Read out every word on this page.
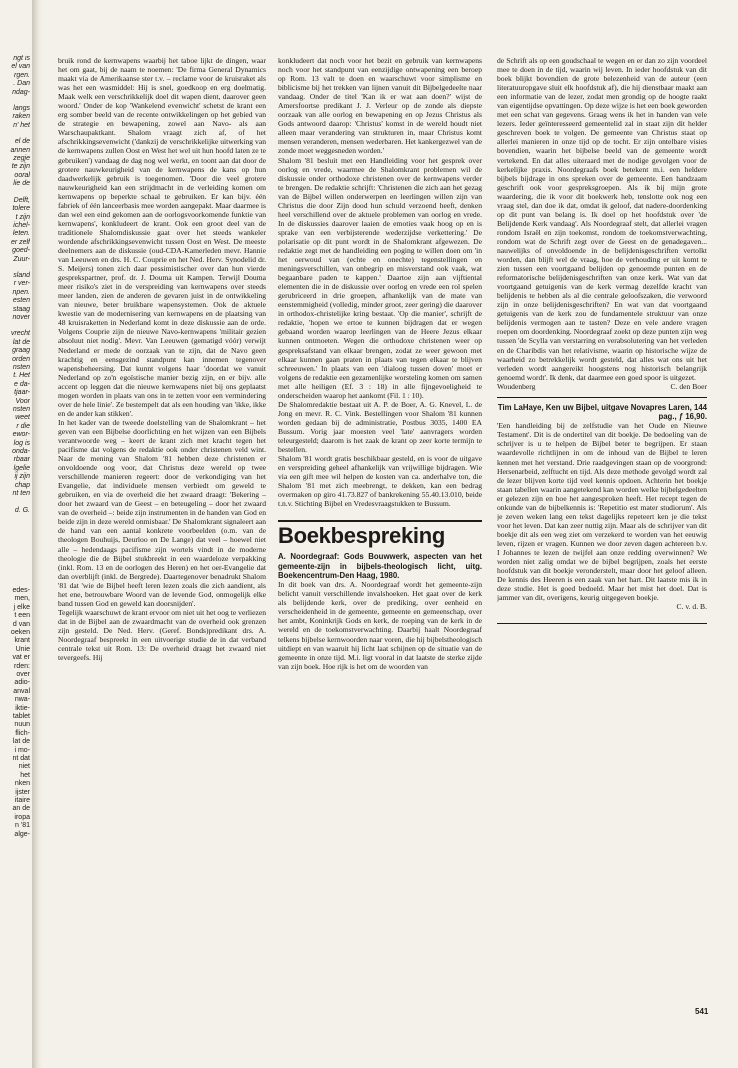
ngt is

el van

rgen.

. Dan

ndag-

langs

raken

n' het

el de

annen

zegje

te zijn

ooral

lie de

Delft,

tolere

t zijn

ichel-

leten.

er zelf

goed-

Zuur-

sland

r ver-

npen.

esten

staag

nover

vrecht

lat de

graag

orden

nsten

t. Het

e da-

tjaar-

Voor

nsten

weet

r die

ewor-

log is

onda-

rbaar

lgelie

ij zijn

chap

nt ten

d. G.

edes-

men,

j elke

t een

d van

oeken

krant

Unie

vat er

rden:

over

adio-

anval

nwa-

iktie-

tablet

nuun

flich-

lat de

i mo-

nt dat

niet

het

nken

ijster

itaire

an de

iropa

n '81

alge-

bruik rond de kernwapens waarbij het taboe lijkt de dingen, waar het om gaat, bij de naam te noemen: 'De firma General Dynamics maakt via de Amerikaanse ster t.v. – reclame voor de kruisraket als was het een wasmiddel: Hij is snel, goedkoop en erg doelmatig. Maak welk een verschrikkelijk doel dit wapen dient, daarover geen woord.' Onder de kop 'Wankelend evenwicht' schetst de krant een erg somber beeld van de recente ontwikkelingen op het gebied van de strategie en bewapening, zowel aan Navo- als aan Warschaupaktkant. Shalom vraagt zich af, of het afschrikkingsevenwicht ('dankzij de verschrikkelijke uitwerking van de kernwapens zullen Oost en West het wel uit hun hoofd laten ze te gebruiken') vandaag de dag nog wel werkt, en toont aan dat door de grotere nauwkeurigheid van de kernwapens de kans op hun daadwerkelijk gebruik is toegenomen. 'Door die veel grotere nauwkeurigheid kan een strijdmacht in de verleiding komen om kernwapens op beperkte schaal te gebruiken. Er kan bijv. één fabriek of één lanceerbasis mee worden aangepakt. Maar daarmee is dan wel een eind gekomen aan de oorlogsvoorkomende funktie van kernwapens', konkludeert de krant. Ook een groot deel van de traditionele Shalomdiskussie gaat over het steeds wankeler wordende afschrikkingsevenwicht tussen Oost en West. De meeste deelnemers aan de diskussie (oud-CDA-Kamerleden mevr. Hannie van Leeuwen en drs. H. C. Couprie en het Ned. Herv. Synodelid dr. S. Meijers) tonen zich daar pessimistischer over dan hun vierde gesprekspartner, prof. dr. J. Douma uit Kampen. Terwijl Douma meer risiko's ziet in de verspreiding van kernwapens over steeds meer landen, zien de anderen de gevaren juist in de ontwikkeling van nieuwe, beter bruikbare wapensystemen. Ook de aktuele kwestie van de modernisering van kernwapens en de plaatsing van 48 kruisraketten in Nederland komt in deze diskussie aan de orde. Volgens Couprie zijn de nieuwe Navo-kernwapens 'militair gezien absoluut niet nodig'. Mevr. Van Leeuwen (gematigd vóór) verwijt Nederland er mede de oorzaak van te zijn, dat de Navo geen krachtig en eensgezind standpunt kan innemen tegenover wapensbeheersing. Dat kunnt volgens haar 'doordat we vanuit Nederland op zo'n egoïstische manier bezig zijn, en er bijv. alle accent op leggen dat die nieuwe kernwapens niet bij ons geplaatst mogen worden in plaats van ons in te zetten voor een vermindering over de hele linie'. Ze bestempelt dat als een houding van 'ikke, ikke en de ander kan stikken'.

In het kader van de tweede doelstelling van de Shalomkrant – het geven van een Bijbelse doorlichting en het wijzen van een Bijbels verantwoorde weg – keert de krant zich met kracht tegen het pacifisme dat volgens de redaktie ook onder christenen veld wint. Naar de mening van Shalom '81 hebben deze christenen er onvoldoende oog voor, dat Christus deze wereld op twee verschillende manieren regeert: door de verkondiging van het Evangelie, dat individuele mensen verbiedt om geweld te gebruiken, en via de overheid die het zwaard draagt: 'Bekering – door het zwaard van de Geest – en beteugeling – door het zwaard van de overheid –: beide zijn instrumenten in de handen van God en beide zijn in deze wereld onmisbaar.' De Shalomkrant signaleert aan de hand van een aantal konkrete voorbeelden (o.m. van de theologen Bouhuijs, Deurloo en De Lange) dat veel – hoewel niet alle – hedendaags pacifisme zijn wortels vindt in de moderne theologie die de Bijbel stukbreekt in een waardeloze verpakking (inkl. Rom. 13 en de oorlogen des Heren) en het oer-Evangelie dat dan overblijft (inkl. de Bergrede). Daartegenover benadrukt Shalom '81 dat 'wie de Bijbel heeft leren lezen zoals die zich aandient, als het ene, betrouwbare Woord van de levende God, onmogelijk elke band tussen God en geweld kan doorsnijden'.

Tegelijk waarschuwt de krant ervoor om niet uit het oog te verliezen dat in de Bijbel aan de zwaardmacht van de overheid ook grenzen zijn gesteld. De Ned. Herv. (Geref. Bonds)predikant drs. A. Noordegraaf bespreekt in een uitvoerige studie de in dat verband centrale tekst uit Rom. 13: De overheid draagt het zwaard niet tevergeefs. Hij

konkludeert dat noch voor het bezit en gebruik van kernwapens noch voor het standpunt van eenzijdige ontwapening een beroep op Rom. 13 valt te doen en waarschuwt voor simplisme en biblicisme bij het trekken van lijnen vanuit dit Bijbelgedeelte naar vandaag. Onder de titel 'Kan ik er wat aan doen?' wijst de Amersfoortse predikant J. J. Verleur op de zonde als diepste oorzaak van alle oorlog en bewapening en op Jezus Christus als Gods antwoord daarop: 'Christus' komst in de wereld houdt niet alleen maar verandering van strukturen in, maar Christus komt mensen veranderen, mensen wederbaren. Het kankergezwel van de zonde moet weggesneden worden.'

Shalom '81 besluit met een Handleiding voor het gesprek over oorlog en vrede, waarmee de Shalomkrant problemen wil de diskussie onder orthodoxe christenen over de kernwapens verder te brengen. De redaktie schrijft: 'Christenen die zich aan het gezag van de Bijbel willen onderwerpen en leerlingen willen zijn van Christus die door Zijn dood hun schuld verzoend heeft, denken heel verschillend over de aktuele problemen van oorlog en vrede. In de diskussies daarover laaien de emoties vaak hoog op en is sprake van een verbijsterende wederzijdse verkettering.' De polarisatie op dit punt wordt in de Shalomkrant afgewezen. De redaktie zegt met de handleiding een poging te willen doen om 'in het oerwoud van (echte en onechte) tegenstellingen en meningsverschillen, van onbegrip en misverstand ook vaak, wat begaanbare paden te kappen.' Daartoe zijn aan vijftiental elementen die in de diskussie over oorlog en vrede een rol spelen gerubriceerd in drie groepen, afhankelijk van de mate van eenstemmigheid (volledig, minder groot, zeer gering) die daarover in orthodox-christelijke kring bestaat. 'Op die manier', schrijft de redaktie, 'hopen we ertoe te kunnen bijdragen dat er wegen gebaand worden waarop leerlingen van de Heere Jezus elkaar kunnen ontmoeten. Wegen die orthodoxe christenen weer op gespreksafstand van elkaar brengen, zodat ze weer gewoon met elkaar kunnen gaan praten in plaats van tegen elkaar te blijven schreeuwen.' In plaats van een 'dialoog tussen doven' moet er volgens de redaktie een gezamenlijke worsteling komen om samen met alle heiligen (Ef. 3 : 18) in alle fijngevoeligheid te onderscheiden waarop het aankomt (Fil. 1 : 10).

De Shalomredaktie bestaat uit A. P. de Boer, A. G. Knevel, L. de Jong en mevr. R. C. Vink. Bestellingen voor Shalom '81 kunnen worden gedaan bij de administratie, Postbus 3035, 1400 EA Bussum. Vorig jaar moesten veel 'late' aanvragers worden teleurgesteld; daarom is het zaak de krant op zeer korte termijn te bestellen.

Shalom '81 wordt gratis beschikbaar gesteld, en is voor de uitgave en verspreiding geheel afhankelijk van vrijwillige bijdragen. Wie via een gift mee wil helpen de kosten van ca. anderhalve ton, die Shalom '81 met zich meebrengt, te dekken, kan een bedrag overmaken op giro 41.73.827 of bankrekening 55.40.13.010, beide t.n.v. Stichting Bijbel en Vredesvraagstukken te Bussum.

Boekbespreking

A. Noordegraaf: Gods Bouwwerk, aspecten van het gemeente-zijn in bijbels-theologisch licht, uitg. Boekencentrum-Den Haag, 1980.

In dit boek van drs. A. Noordegraaf wordt het gemeente-zijn belicht vanuit verschillende invalshoeken. Het gaat over de kerk als belijdende kerk, over de prediking, over eenheid en verscheidenheid in de gemeente, gemeente en gemeenschap, over het ambt, Koninkrijk Gods en kerk, de roeping van de kerk in de wereld en de toekomstverwachting. Daarbij haalt Noordegraaf telkens bijbelse kernwoorden naar voren, die hij bijbelstheologisch uitdiept en van waaruit hij licht laat schijnen op de situatie van de gemeente in onze tijd. M.i. ligt vooral in dat laatste de sterke zijde van zijn boek. Hoe rijk is het om de woorden van

de Schrift als op een goudschaal te wegen en er dan zo zijn voordeel mee te doen in de tijd, waarin wij leven. In ieder hoofdstuk van dit boek blijkt bovendien de grote belezenheid van de auteur (een literatuuropgave sluit elk hoofdstuk af), die hij dienstbaar maakt aan een informatie van de lezer, zodat men grondig op de hoogte raakt van eigentijdse opvattingen. Op deze wijze is het een boek geworden met een schat van gegevens. Graag wens ik het in handen van vele lezers. Ieder geïnteresseerd gemeentelid zal in staat zijn dit helder geschreven boek te volgen. De gemeente van Christus staat op allerlei manieren in onze tijd op de tocht. Er zijn ontelbare visies bovendien, waarin het bijbelse beeld van de gemeente wordt vertekend. En dat alles uiteraard met de nodige gevolgen voor de kerkelijke praxis. Noordegraafs boek betekent m.i. een heldere bijbels bijdrage in ons spreken over de gemeente. Een handzaam geschrift ook voor gespreksgroepen. Als ik bij mijn grote waardering, die ik voor dit boekwerk heb, tenslotte ook nog een vraag stel, dan doe ik dat, omdat ik geloof, dat nadere-doordenking op dit punt van belang is. Ik doel op het hoofdstuk over 'de Belijdende Kerk vandaag'. Als Noordegraaf stelt, dat allerlei vragen rondom Israël en zijn toekomst, rondom de toekomstverwachting, rondom wat de Schrift zegt over de Geest en de genadegaven... nauwelijks of onvoldoende in de belijdenisgeschriften vertolkt worden, dan blijft wel de vraag, hoe de verhouding er uit komt te zien tussen een voortgaand belijden op genoemde punten en de reformatorische belijdenisgeschriften van onze kerk. Wat van dat voortgaand getuigenis van de kerk vermag dezelfde kracht van belijdenis te hebben als al die centrale geloofszaken, die verwoord zijn in onze belijdenisgeschriften? En wat van dat voortgaand getuigenis van de kerk zou de fundamentele struktuur van onze belijdenis vermogen aan te tasten? Deze en vele andere vragen roepen om doordenking. Noordegraaf zoekt op deze punten zijn weg tussen 'de Scylla van verstarring en verabsolutering van het verleden en de Charibdis van het relativisme, waarin op historische wijze de waarheid zo betrekkelijk wordt gesteld, dat alles wat ons uit het verleden wordt aangereikt hoogstens nog historisch belangrijk genoemd wordt'. Ik denk, dat daarmee een goed spoor is uitgezet.

Woudenberg	C. den Boer

Tim LaHaye, Ken uw Bijbel, uitgave Novapres Laren, 144 pag., ƒ 16,90.

'Een handleiding bij de zelfstudie van het Oude en Nieuwe Testament'. Dit is de ondertitel van dit boekje. De bedoeling van de schrijver is u te helpen de Bijbel beter te begrijpen. Er staan waardevolle richtlijnen in om de inhoud van de Bijbel te leren kennen met het verstand. Drie raadgevingen staan op de voorgrond: Hersenarbeid, zelftucht en tijd. Als deze methode gevolgd wordt zal de lezer blijven korte tijd veel kennis opdoen. Achterin het boekje staan tabellen waarin aangetekend kan worden welke bijbelgedeelten er gelezen zijn en hoe het aangesproken heeft. Het recept tegen de onkunde van de bijbelkennis is: 'Repetitio est mater studiorum'. Als je zeven weken lang een tekst dagelijks repeteert ken je die tekst voor het leven. Dat kan zeer nuttig zijn. Maar als de schrijver van dit boekje dit als een weg ziet om verzekerd te worden van het eeuwig leven, rijzen er vragen. Kunnen we door zeven dagen achtereen b.v. I Johannes te lezen de twijfel aan onze redding overwinnen? We worden niet zalig omdat we de bijbel begrijpen, zoals het eerste hoofdstuk van dit boekje veronderstelt, maar door het geloof alleen. De kennis des Heeren is een zaak van het hart. Dit laatste mis ik in deze studie. Het is goed bedoeld. Maar het mist het doel. Dat is jammer van dit, overigens, keurig uitgegeven boekje.

C. v. d. B.
541
